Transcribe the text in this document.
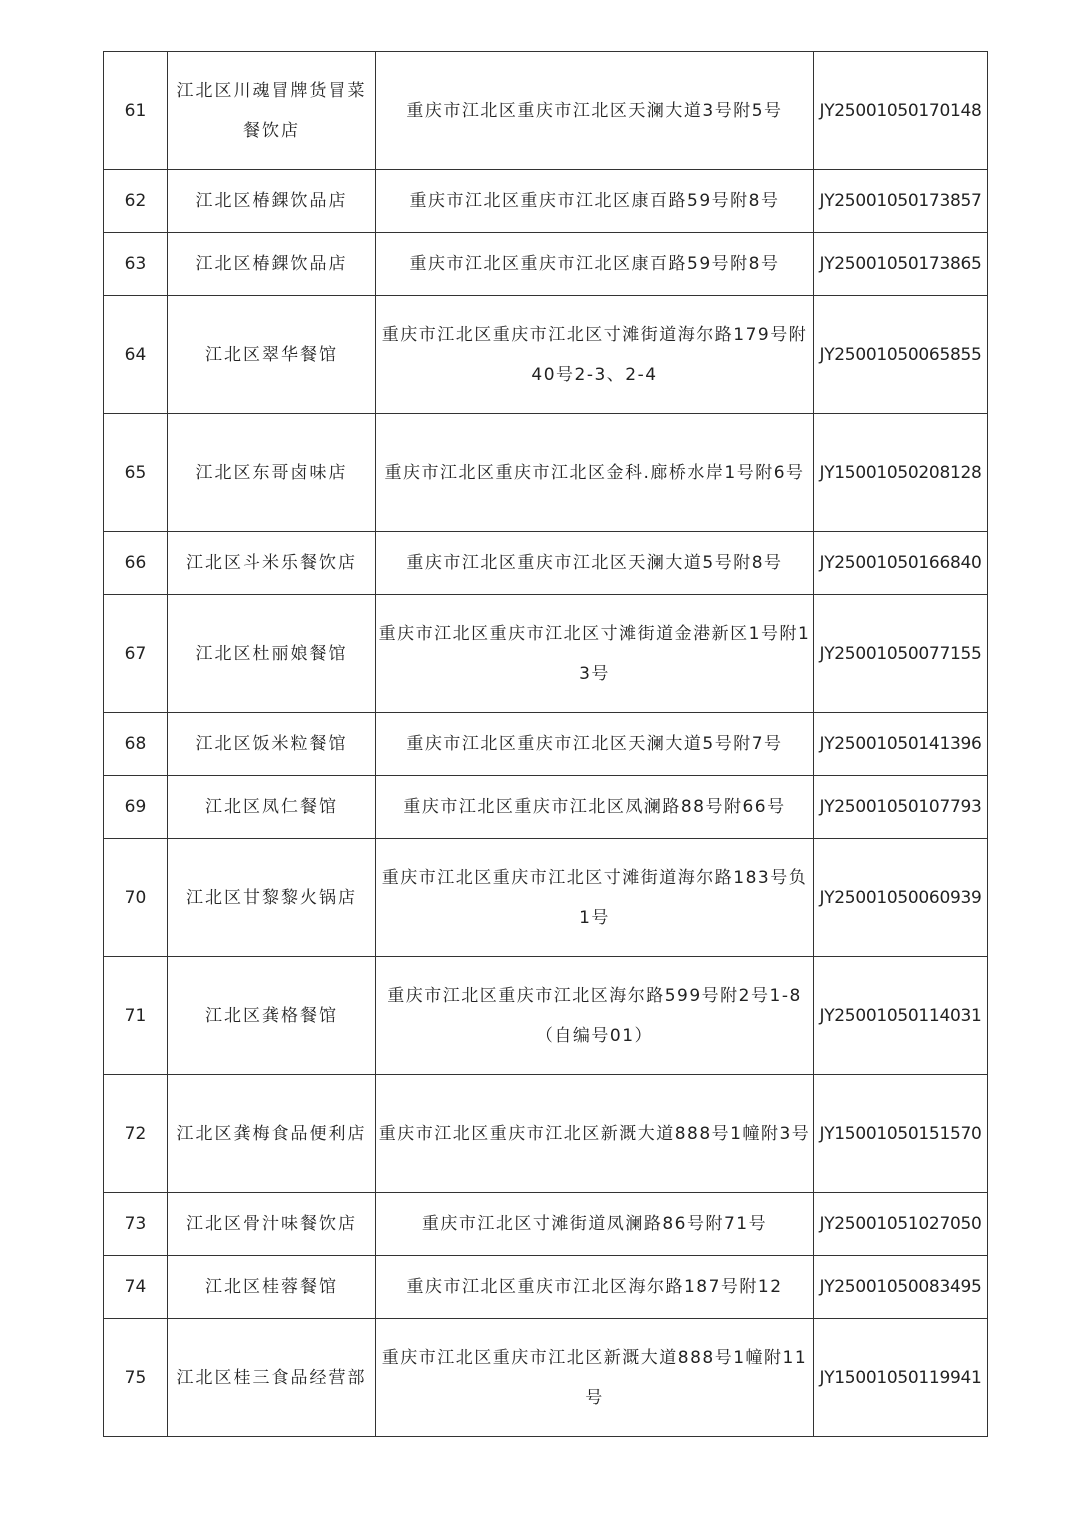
61	江北区川魂冒牌货冒菜餐饮店	重庆市江北区重庆市江北区天澜大道3号附5号	JY25001050170148
62	江北区椿錁饮品店	重庆市江北区重庆市江北区康百路59号附8号	JY25001050173857
63	江北区椿錁饮品店	重庆市江北区重庆市江北区康百路59号附8号	JY25001050173865
64	江北区翠华餐馆	重庆市江北区重庆市江北区寸滩街道海尔路179号附40号2-3、2-4	JY25001050065855
65	江北区东哥卤味店	重庆市江北区重庆市江北区金科.廊桥水岸1号附6号	JY15001050208128
66	江北区斗米乐餐饮店	重庆市江北区重庆市江北区天澜大道5号附8号	JY25001050166840
67	江北区杜丽娘餐馆	重庆市江北区重庆市江北区寸滩街道金港新区1号附13号	JY25001050077155
68	江北区饭米粒餐馆	重庆市江北区重庆市江北区天澜大道5号附7号	JY25001050141396
69	江北区凤仁餐馆	重庆市江北区重庆市江北区凤澜路88号附66号	JY25001050107793
70	江北区甘黎黎火锅店	重庆市江北区重庆市江北区寸滩街道海尔路183号负1号	JY25001050060939
71	江北区龚格餐馆	重庆市江北区重庆市江北区海尔路599号附2号1-8（自编号01）	JY25001050114031
72	江北区龚梅食品便利店	重庆市江北区重庆市江北区新溉大道888号1幢附3号	JY15001050151570
73	江北区骨汁味餐饮店	重庆市江北区寸滩街道凤澜路86号附71号	JY25001051027050
74	江北区桂蓉餐馆	重庆市江北区重庆市江北区海尔路187号附12	JY25001050083495
75	江北区桂三食品经营部	重庆市江北区重庆市江北区新溉大道888号1幢附11号	JY15001050119941
